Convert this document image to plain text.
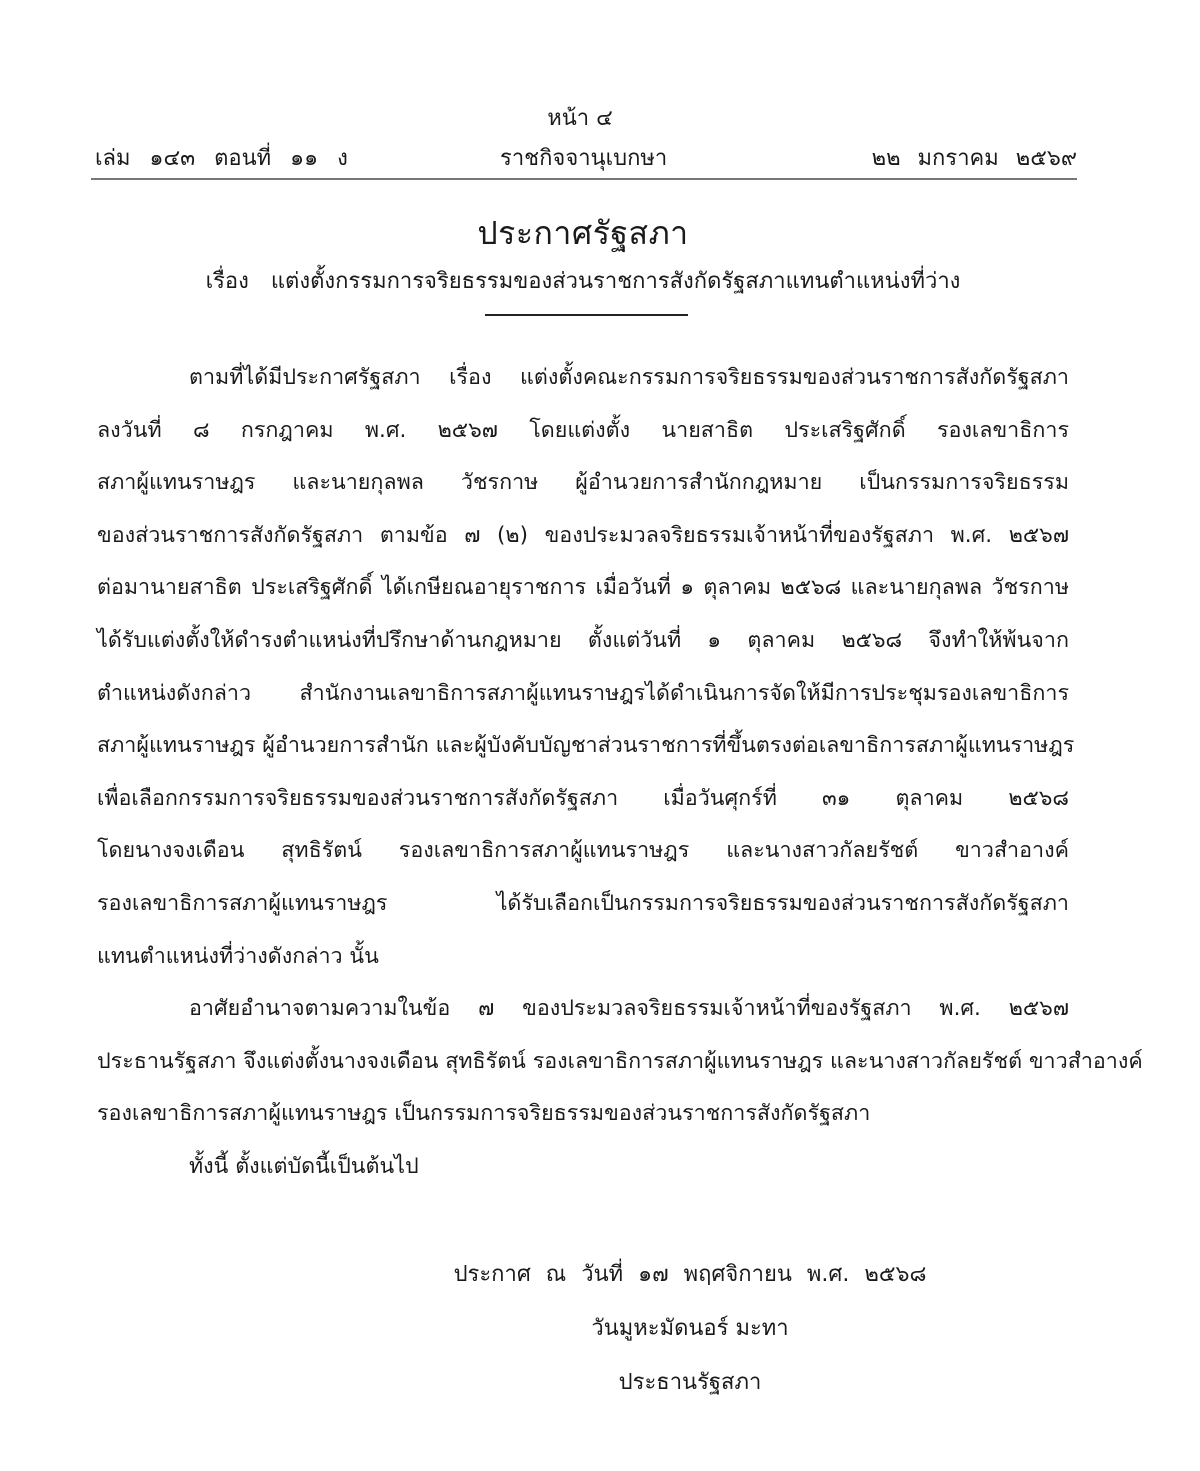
หน้า ๔
เล่ม ๑๔๓ ตอนที่ ๑๑ ง	ราชกิจจานุเบกษา	๒๒ มกราคม ๒๕๖๙
ประกาศรัฐสภา
เรื่อง แต่งตั้งกรรมการจริยธรรมของส่วนราชการสังกัดรัฐสภาแทนตำแหน่งที่ว่าง
ตามที่ได้มีประกาศรัฐสภา เรื่อง แต่งตั้งคณะกรรมการจริยธรรมของส่วนราชการสังกัดรัฐสภา
ลงวันที่ ๘ กรกฎาคม พ.ศ. ๒๕๖๗ โดยแต่งตั้ง นายสาธิต ประเสริฐศักดิ์ รองเลขาธิการ
สภาผู้แทนราษฎร และนายกุลพล วัชรกาษ ผู้อำนวยการสำนักกฎหมาย เป็นกรรมการจริยธรรม
ของส่วนราชการสังกัดรัฐสภา ตามข้อ ๗ (๒) ของประมวลจริยธรรมเจ้าหน้าที่ของรัฐสภา พ.ศ. ๒๕๖๗
ต่อมานายสาธิต ประเสริฐศักดิ์ ได้เกษียณอายุราชการ เมื่อวันที่ ๑ ตุลาคม ๒๕๖๘ และนายกุลพล วัชรกาษ
ได้รับแต่งตั้งให้ดำรงตำแหน่งที่ปรึกษาด้านกฎหมาย ตั้งแต่วันที่ ๑ ตุลาคม ๒๕๖๘ จึงทำให้พ้นจาก
ตำแหน่งดังกล่าว สำนักงานเลขาธิการสภาผู้แทนราษฎรได้ดำเนินการจัดให้มีการประชุมรองเลขาธิการ
สภาผู้แทนราษฎร ผู้อำนวยการสำนัก และผู้บังคับบัญชาส่วนราชการที่ขึ้นตรงต่อเลขาธิการสภาผู้แทนราษฎร
เพื่อเลือกกรรมการจริยธรรมของส่วนราชการสังกัดรัฐสภา เมื่อวันศุกร์ที่ ๓๑ ตุลาคม ๒๕๖๘
โดยนางจงเดือน สุทธิรัตน์ รองเลขาธิการสภาผู้แทนราษฎร และนางสาวกัลยรัชต์ ขาวสำอางค์
รองเลขาธิการสภาผู้แทนราษฎร ได้รับเลือกเป็นกรรมการจริยธรรมของส่วนราชการสังกัดรัฐสภา
แทนตำแหน่งที่ว่างดังกล่าว นั้น
อาศัยอำนาจตามความในข้อ ๗ ของประมวลจริยธรรมเจ้าหน้าที่ของรัฐสภา พ.ศ. ๒๕๖๗
ประธานรัฐสภา จึงแต่งตั้งนางจงเดือน สุทธิรัตน์ รองเลขาธิการสภาผู้แทนราษฎร และนางสาวกัลยรัชต์ ขาวสำอางค์
รองเลขาธิการสภาผู้แทนราษฎร เป็นกรรมการจริยธรรมของส่วนราชการสังกัดรัฐสภา
ทั้งนี้ ตั้งแต่บัดนี้เป็นต้นไป
ประกาศ ณ วันที่ ๑๗ พฤศจิกายน พ.ศ. ๒๕๖๘
วันมูหะมัดนอร์ มะทา
ประธานรัฐสภา
